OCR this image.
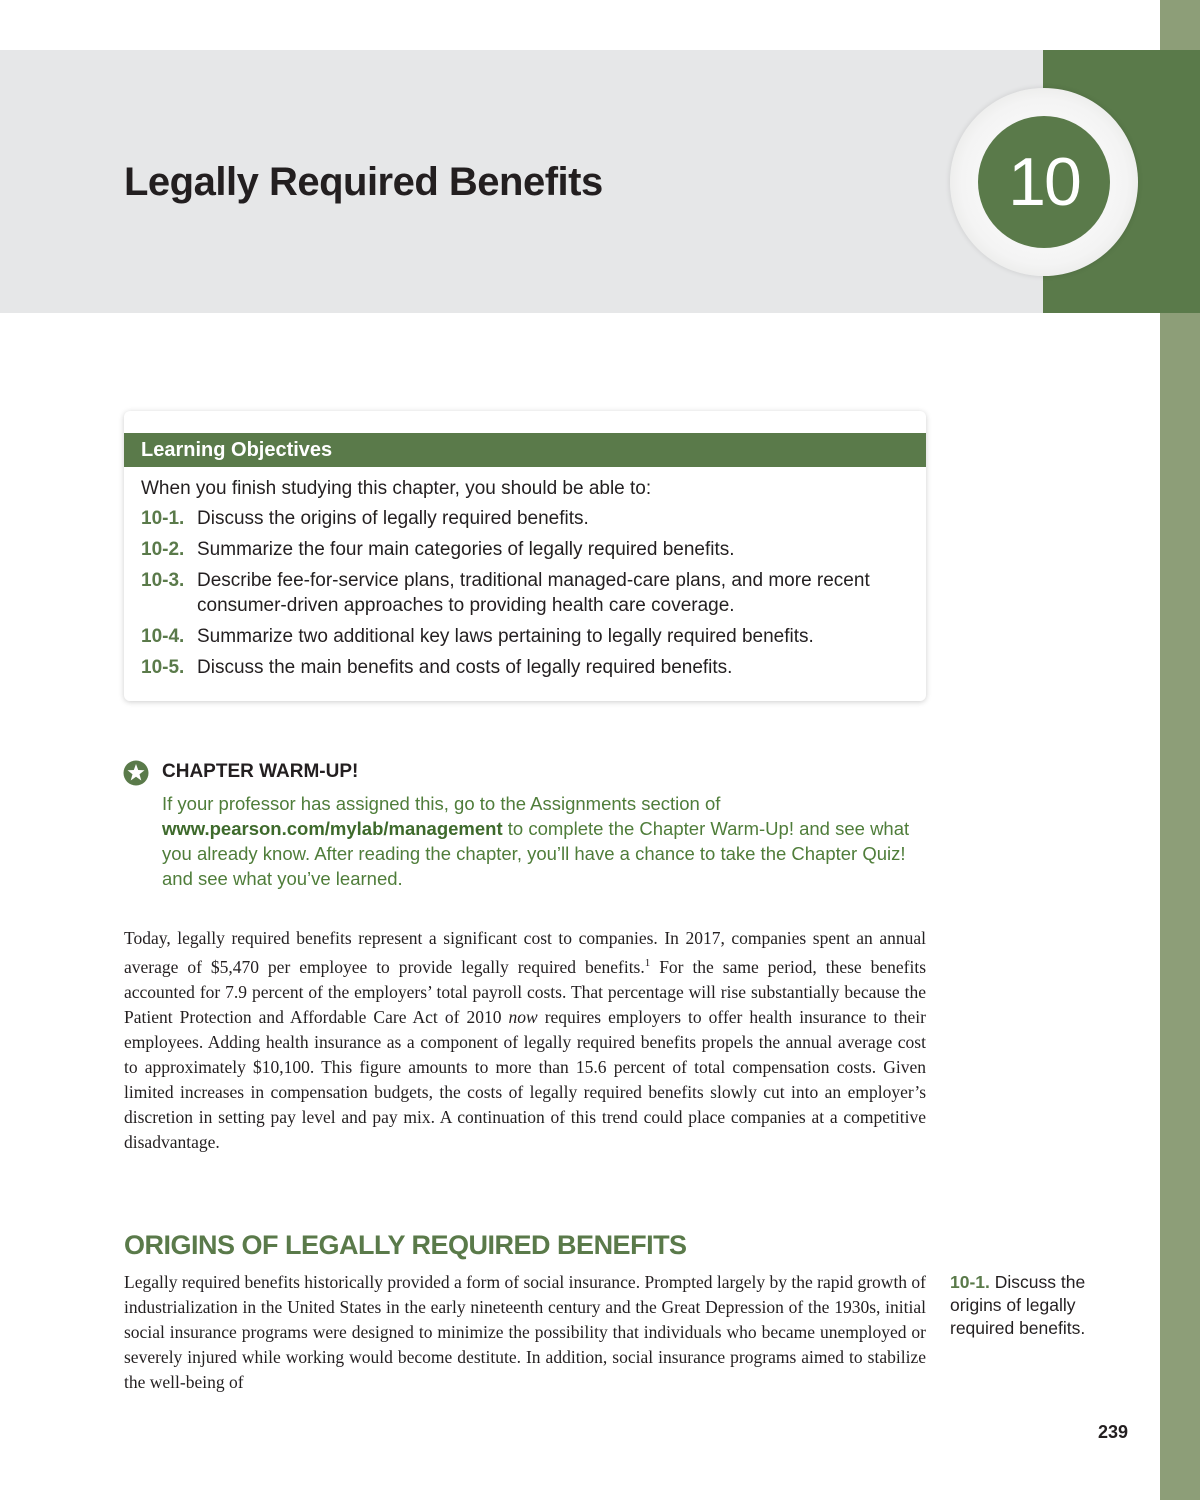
Legally Required Benefits	10
Learning Objectives
When you finish studying this chapter, you should be able to:
10-1. Discuss the origins of legally required benefits.
10-2. Summarize the four main categories of legally required benefits.
10-3. Describe fee-for-service plans, traditional managed-care plans, and more recent consumer-driven approaches to providing health care coverage.
10-4. Summarize two additional key laws pertaining to legally required benefits.
10-5. Discuss the main benefits and costs of legally required benefits.
CHAPTER WARM-UP!
If your professor has assigned this, go to the Assignments section of www.pearson.com/mylab/management to complete the Chapter Warm-Up! and see what you already know. After reading the chapter, you’ll have a chance to take the Chapter Quiz! and see what you’ve learned.

Today, legally required benefits represent a significant cost to companies. In 2017, companies spent an annual average of $5,470 per employee to provide legally required benefits.$^1$ For the same period, these benefits accounted for 7.9 percent of the employers’ total payroll costs. That percentage will rise substantially because the Patient Protection and Affordable Care Act of 2010 now requires employers to offer health insurance to their employees. Adding health insurance as a component of legally required benefits propels the annual average cost to approximately $10,100. This figure amounts to more than 15.6 percent of total compensation costs. Given limited increases in compensation budgets, the costs of legally required benefits slowly cut into an employer’s discretion in setting pay level and pay mix. A continuation of this trend could place companies at a competitive disadvantage.

ORIGINS OF LEGALLY REQUIRED BENEFITS

Legally required benefits historically provided a form of social insurance. Prompted largely by the rapid growth of industrialization in the United States in the early nineteenth century and the Great Depression of the 1930s, initial social insurance programs were designed to minimize the possibility that individuals who became unemployed or severely injured while working would become destitute. In addition, social insurance programs aimed to stabilize the well-being of

10-1. Discuss the origins of legally required benefits.
239
